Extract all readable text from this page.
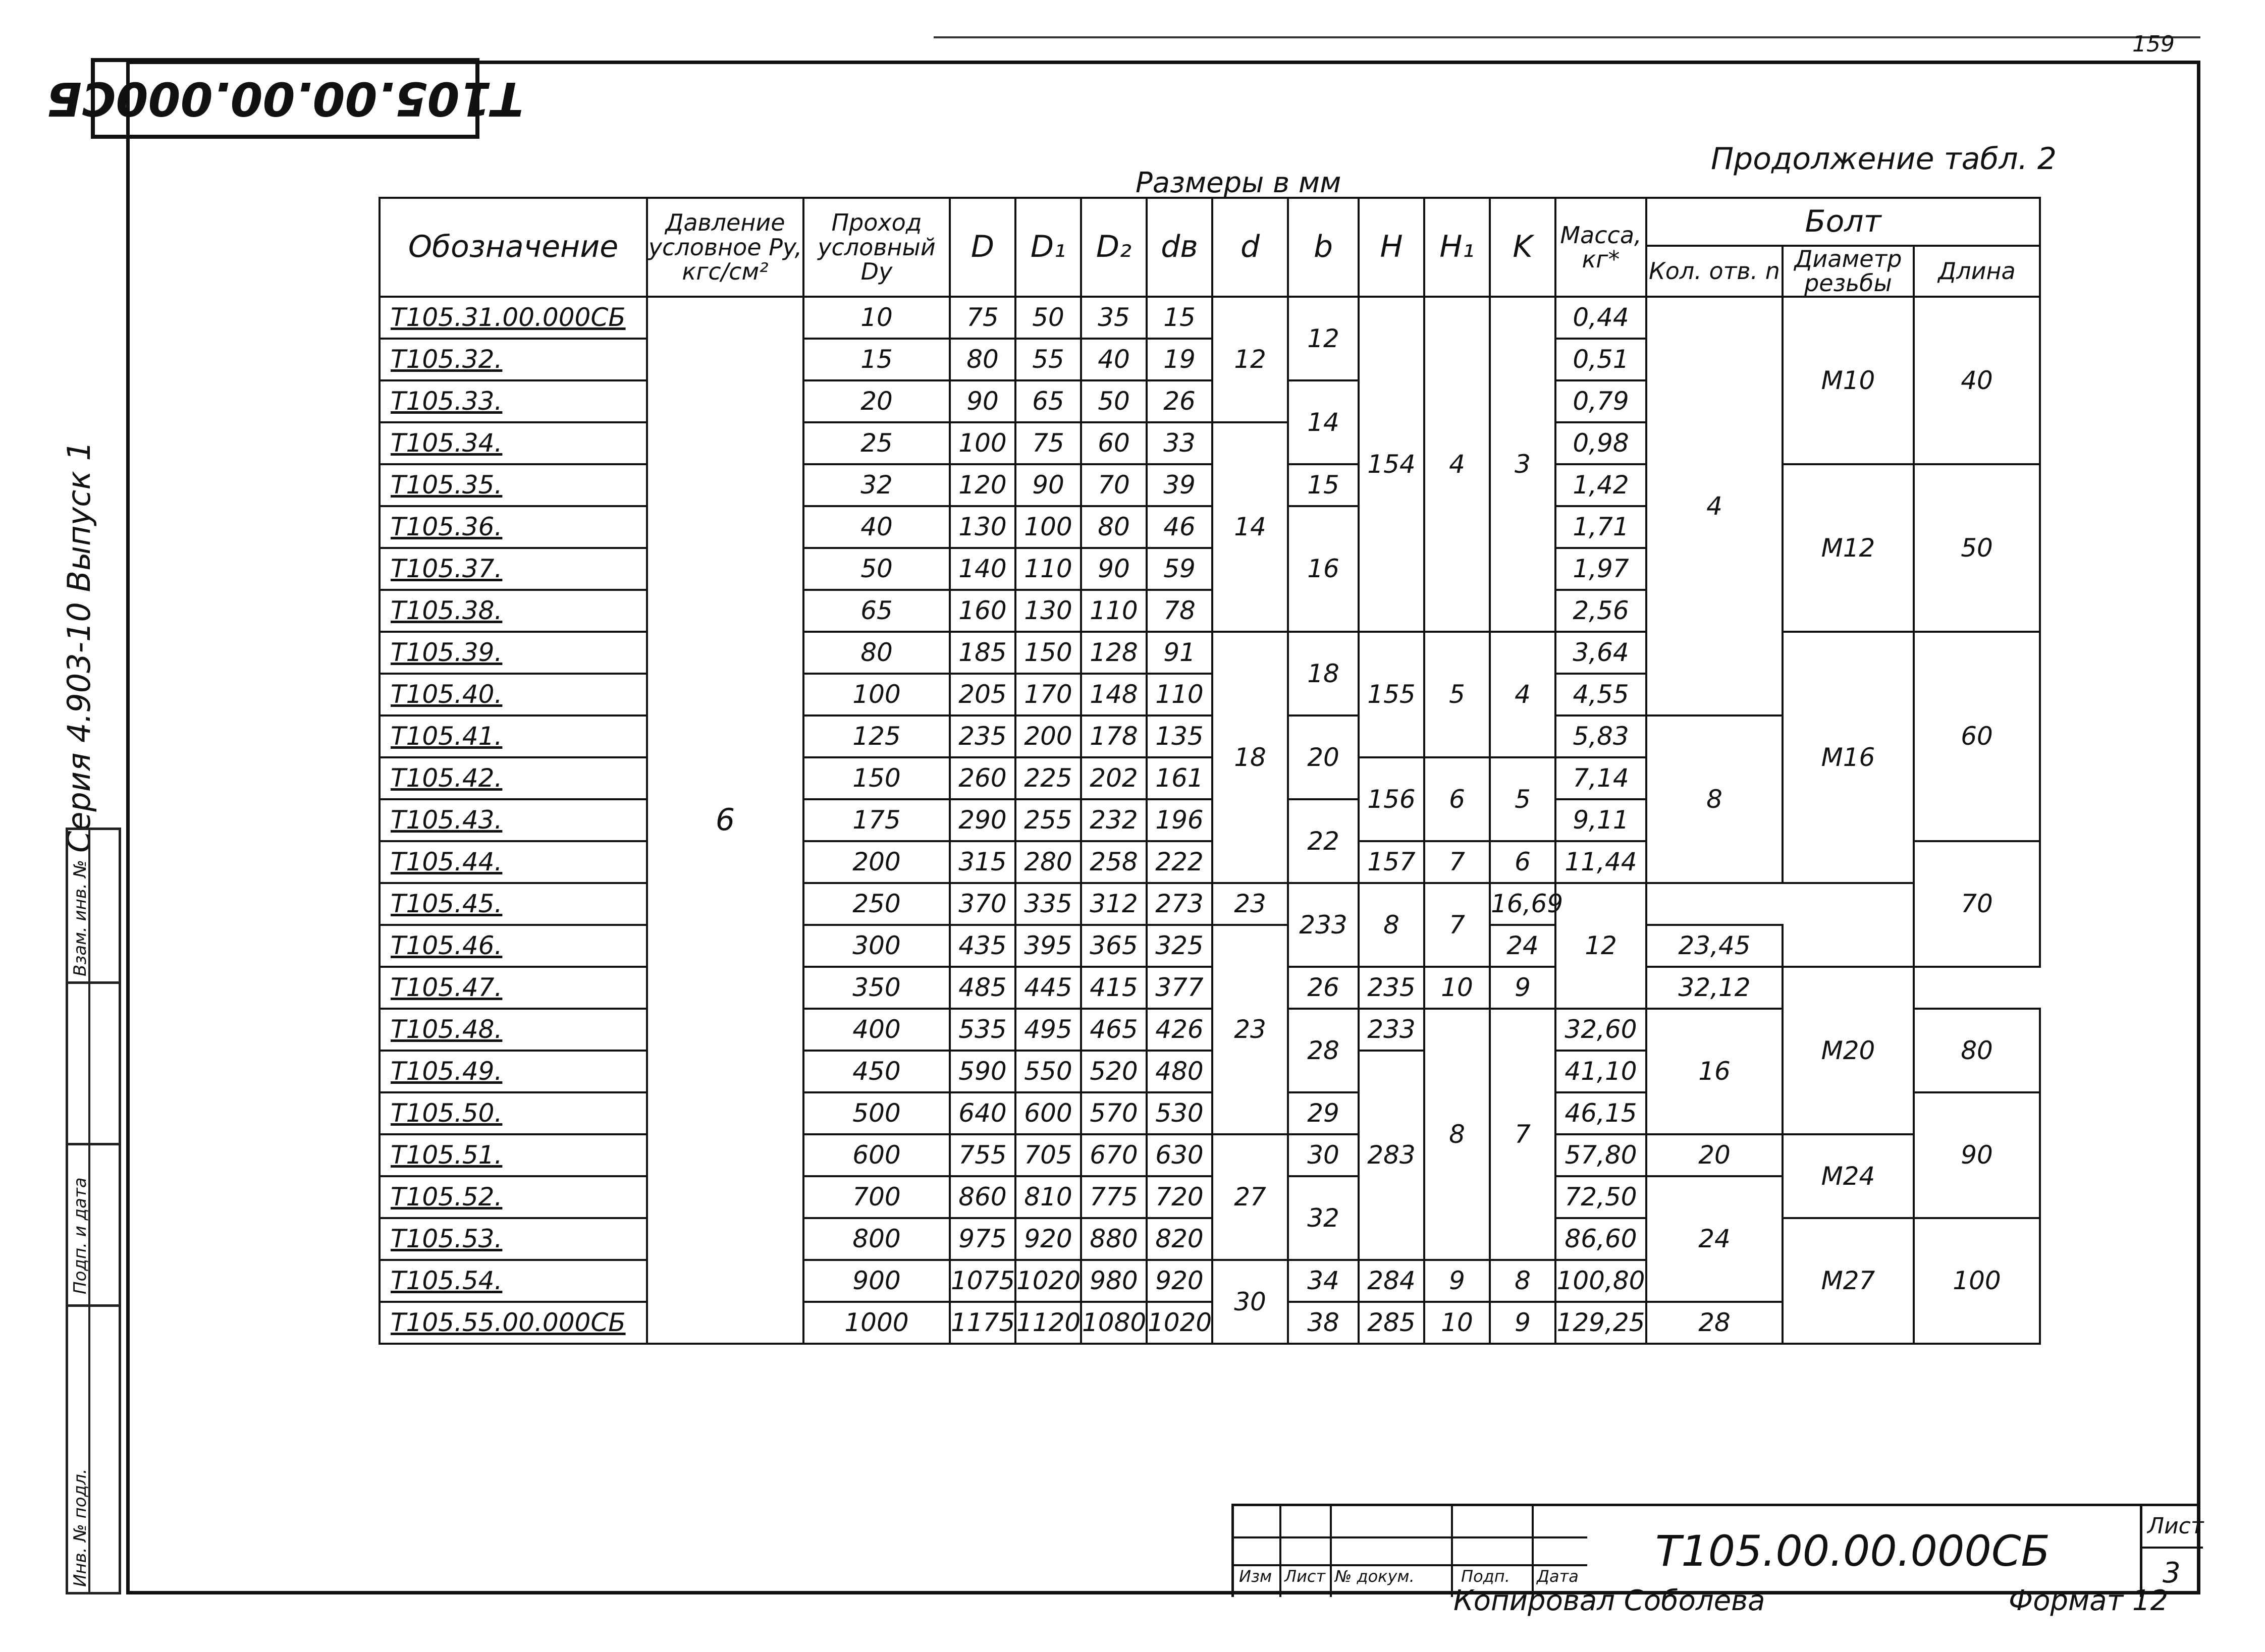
Т105.00.00.000СБ
159
Продолжение табл. 2
Размеры в мм
Серия 4.903-10 Выпуск 1
Взам. инв. №
Подп. и дата
Инв. № подл.
Обозначение	Давление условное Py, кгс/см²	Проход условный Dy	D	D₁	D₂	dв	d	b	H	H₁	K	Масса, кг*	Болт		
													Кол. отв. n	Диаметр резьбы	Длина
Т105.31.00.000СБ	6	10	75	50	35	15	12	12	154	4	3	0,44	4	М10	40
Т105.32.		15	80	55	40	19						0,51			
Т105.33.		20	90	65	50	26		14				0,79			
Т105.34.		25	100	75	60	33	14					0,98			
Т105.35.		32	120	90	70	39		15				1,42		М12	50
Т105.36.		40	130	100	80	46		16				1,71			
Т105.37.		50	140	110	90	59						1,97			
Т105.38.		65	160	130	110	78						2,56			
Т105.39.		80	185	150	128	91	18	18	155	5	4	3,64		М16	60
Т105.40.		100	205	170	148	110						4,55			
Т105.41.		125	235	200	178	135		20				5,83	8		
Т105.42.		150	260	225	202	161			156	6	5	7,14			
Т105.43.		175	290	255	232	196		22				9,11			
Т105.44.		200	315	280	258	222			157	7	6	11,44			70
Т105.45.		250	370	335	312	273	23	233	8	7	16,69	12			
Т105.46.		300	435	395	365	325	23				24		23,45		
Т105.47.		350	485	445	415	377		26	235	10	9		32,12	М20	
Т105.48.		400	535	495	465	426		28	233	8	7	32,60	16		80
Т105.49.		450	590	550	520	480			283			41,10			
Т105.50.		500	640	600	570	530		29				46,15			90
Т105.51.		600	755	705	670	630	27	30				57,80	20	М24	
Т105.52.		700	860	810	775	720		32				72,50	24		
Т105.53.		800	975	920	880	820						86,60		М27	100
Т105.54.		900	1075	1020	980	920	30	34	284	9	8	100,80			
Т105.55.00.000СБ		1000	1175	1120	1080	1020		38	285	10	9	129,25	28		
Изм Лист № докум.	Подп. Дата
Т105.00.00.000СБ
Лист
3
Копировал Соболева	Формат 12
